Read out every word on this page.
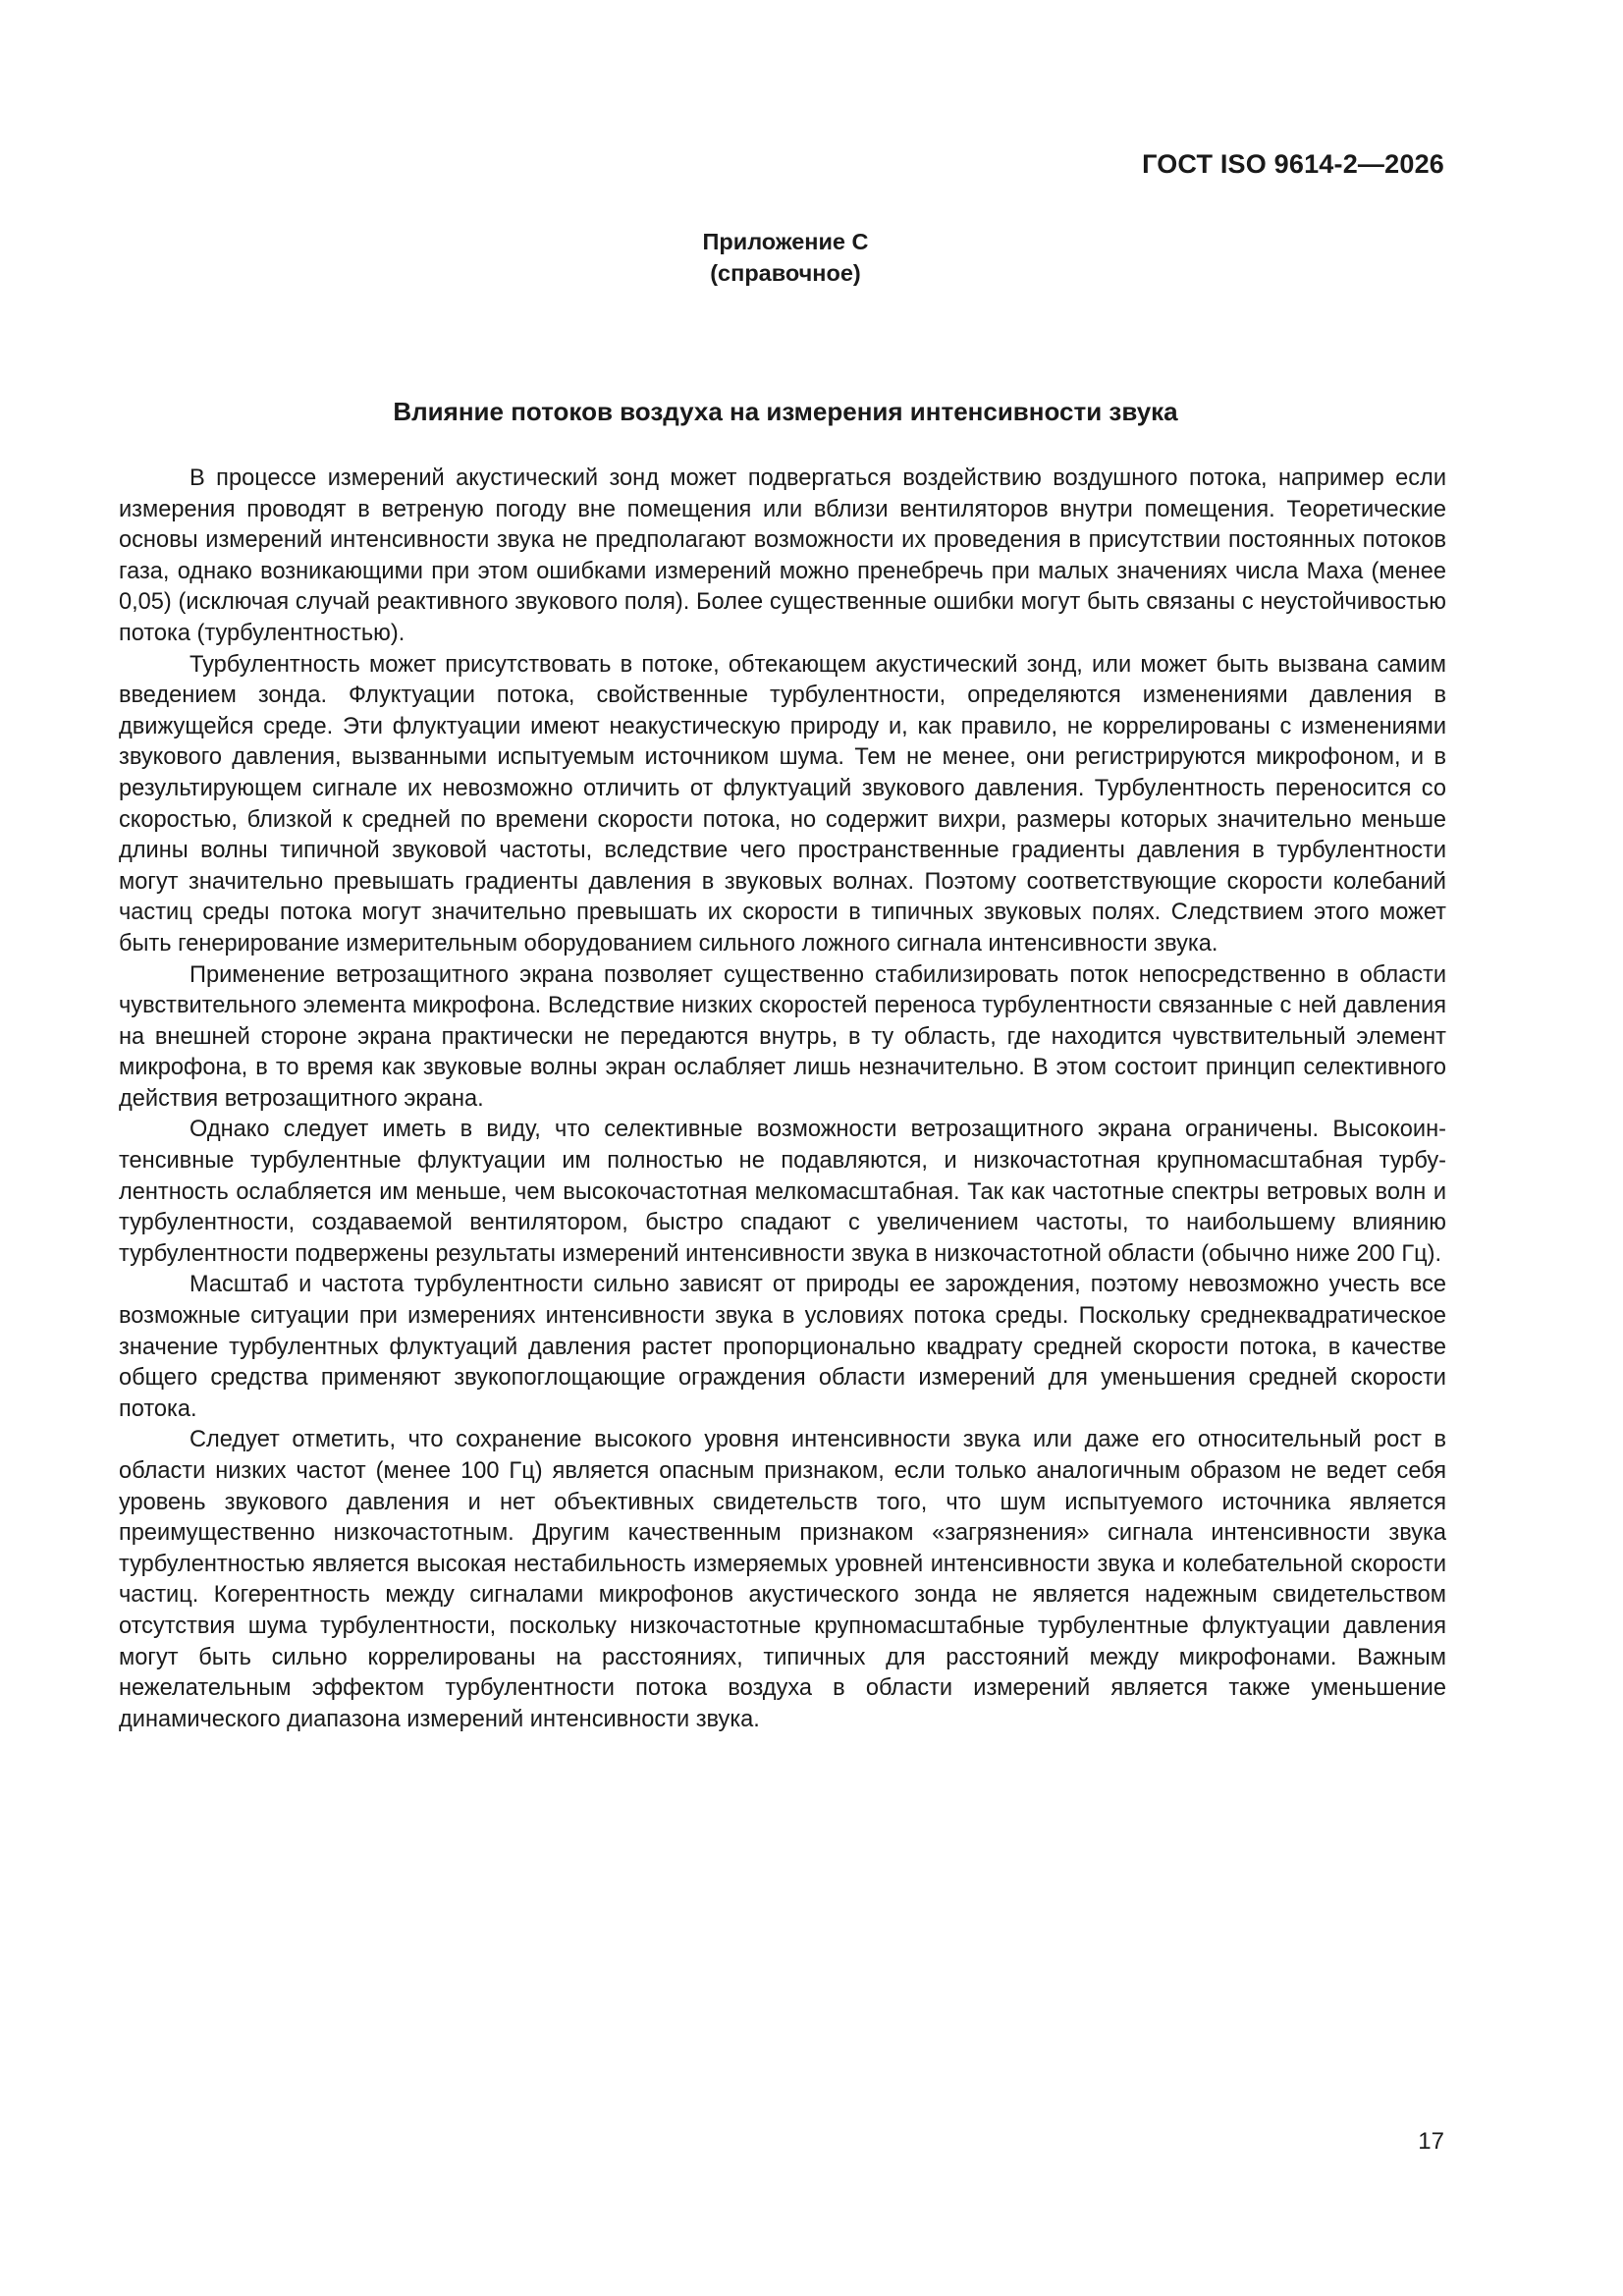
ГОСТ ISO 9614-2—2026
Приложение С
(справочное)
Влияние потоков воздуха на измерения интенсивности звука

В процессе измерений акустический зонд может подвергаться воздействию воздушного потока, например если измерения проводят в ветреную погоду вне помещения или вблизи вентиляторов внутри помещения. Теоретические основы измерений интенсивности звука не предполагают возможности их проведения в присутствии постоянных потоков газа, однако возникающими при этом ошибками измерений можно пренебречь при малых значениях числа Маха (менее 0,05) (исключая случай реактивного звукового поля). Более существенные ошибки могут быть связаны с неустойчивостью потока (турбулентностью).

Турбулентность может присутствовать в потоке, обтекающем акустический зонд, или может быть вызвана самим введением зонда. Флуктуации потока, свойственные турбулентности, определяются изменениями давления в движущейся среде. Эти флуктуации имеют неакустическую природу и, как правило, не коррелированы с изменениями звукового давления, вызванными испытуемым источником шума. Тем не менее, они регистрируются микрофоном, и в результирующем сигнале их невозможно отличить от флуктуаций звукового давления. Турбулентность переносится со скоростью, близкой к средней по времени скорости потока, но содержит вихри, размеры которых значительно меньше длины волны типичной звуковой частоты, вследствие чего пространственные градиенты давления в турбулентности могут значительно превышать градиенты давления в звуковых волнах. Поэтому соответствующие скорости колебаний частиц среды потока могут значительно превышать их скорости в типичных звуковых полях. Следствием этого может быть генерирование измерительным оборудованием сильного ложного сигнала интенсивности звука.

Применение ветрозащитного экрана позволяет существенно стабилизировать поток непосредственно в области чувствительного элемента микрофона. Вследствие низких скоростей переноса турбулентности связанные с ней давления на внешней стороне экрана практически не передаются внутрь, в ту область, где находится чувствительный элемент микрофона, в то время как звуковые волны экран ослабляет лишь незначительно. В этом состоит принцип селективного действия ветрозащитного экрана.

Однако следует иметь в виду, что селективные возможности ветрозащитного экрана ограничены. Высокоинтенсивные турбулентные флуктуации им полностью не подавляются, и низкочастотная крупномасштабная турбулентность ослабляется им меньше, чем высокочастотная мелкомасштабная. Так как частотные спектры ветровых волн и турбулентности, создаваемой вентилятором, быстро спадают с увеличением частоты, то наибольшему влиянию турбулентности подвержены результаты измерений интенсивности звука в низкочастотной области (обычно ниже 200 Гц).

Масштаб и частота турбулентности сильно зависят от природы ее зарождения, поэтому невозможно учесть все возможные ситуации при измерениях интенсивности звука в условиях потока среды. Поскольку среднеквадратическое значение турбулентных флуктуаций давления растет пропорционально квадрату средней скорости потока, в качестве общего средства применяют звукопоглощающие ограждения области измерений для уменьшения средней скорости потока.

Следует отметить, что сохранение высокого уровня интенсивности звука или даже его относительный рост в области низких частот (менее 100 Гц) является опасным признаком, если только аналогичным образом не ведет себя уровень звукового давления и нет объективных свидетельств того, что шум испытуемого источника является преимущественно низкочастотным. Другим качественным признаком «загрязнения» сигнала интенсивности звука турбулентностью является высокая нестабильность измеряемых уровней интенсивности звука и колебательной скорости частиц. Когерентность между сигналами микрофонов акустического зонда не является надежным свидетельством отсутствия шума турбулентности, поскольку низкочастотные крупномасштабные турбулентные флуктуации давления могут быть сильно коррелированы на расстояниях, типичных для расстояний между микрофонами. Важным нежелательным эффектом турбулентности потока воздуха в области измерений является также уменьшение динамического диапазона измерений интенсивности звука.

17
